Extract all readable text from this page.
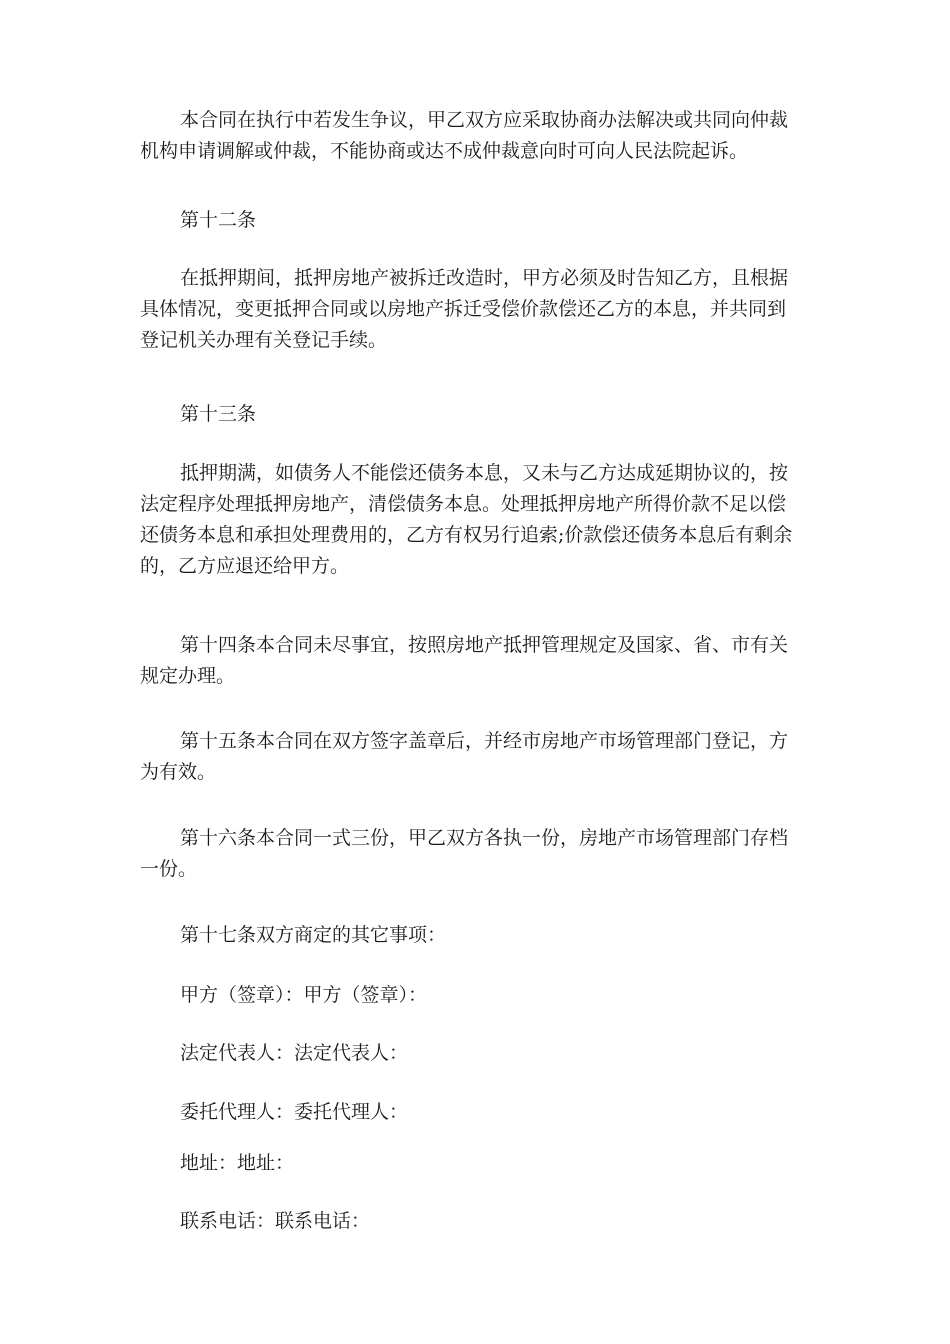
本合同在执行中若发生争议，甲乙双方应采取协商办法解决或共同向仲裁
机构申请调解或仲裁，不能协商或达不成仲裁意向时可向人民法院起诉。

第十二条

在抵押期间，抵押房地产被拆迁改造时，甲方必须及时告知乙方，且根据
具体情况，变更抵押合同或以房地产拆迁受偿价款偿还乙方的本息，并共同到
登记机关办理有关登记手续。

第十三条

抵押期满，如债务人不能偿还债务本息，又未与乙方达成延期协议的，按
法定程序处理抵押房地产，清偿债务本息。处理抵押房地产所得价款不足以偿
还债务本息和承担处理费用的，乙方有权另行追索;价款偿还债务本息后有剩余
的，乙方应退还给甲方。

第十四条本合同未尽事宜，按照房地产抵押管理规定及国家、省、市有关
规定办理。

第十五条本合同在双方签字盖章后，并经市房地产市场管理部门登记，方
为有效。

第十六条本合同一式三份，甲乙双方各执一份，房地产市场管理部门存档
一份。

第十七条双方商定的其它事项：

甲方（签章）：甲方（签章）：

法定代表人：法定代表人：

委托代理人：委托代理人：

地址：地址：

联系电话：联系电话：
